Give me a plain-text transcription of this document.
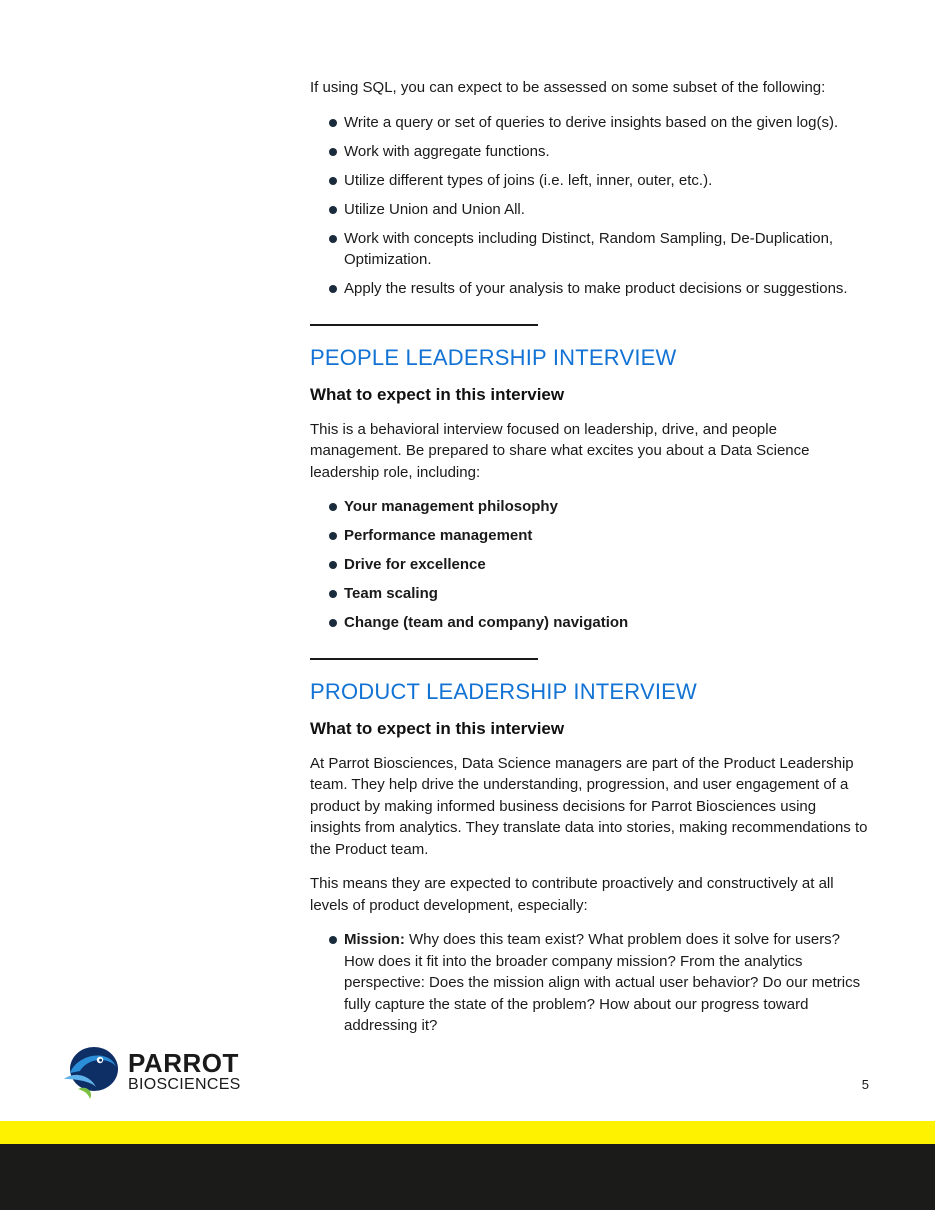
If using SQL, you can expect to be assessed on some subset of the following:

Write a query or set of queries to derive insights based on the given log(s).
Work with aggregate functions.
Utilize different types of joins (i.e. left, inner, outer, etc.).
Utilize Union and Union All.
Work with concepts including Distinct, Random Sampling, De-Duplication, Optimization.
Apply the results of your analysis to make product decisions or suggestions.
PEOPLE LEADERSHIP INTERVIEW
What to expect in this interview

This is a behavioral interview focused on leadership, drive, and people management. Be prepared to share what excites you about a Data Science leadership role, including:

Your management philosophy
Performance management
Drive for excellence
Team scaling
Change (team and company) navigation
PRODUCT LEADERSHIP INTERVIEW
What to expect in this interview

At Parrot Biosciences, Data Science managers are part of the Product Leadership team. They help drive the understanding, progression, and user engagement of a product by making informed business decisions for Parrot Biosciences using insights from analytics. They translate data into stories, making recommendations to the Product team.

This means they are expected to contribute proactively and constructively at all levels of product development, especially:

Mission: Why does this team exist? What problem does it solve for users? How does it fit into the broader company mission? From the analytics perspective: Does the mission align with actual user behavior? Do our metrics fully capture the state of the problem? How about our progress toward addressing it?
PARROT
BIOSCIENCES	5
